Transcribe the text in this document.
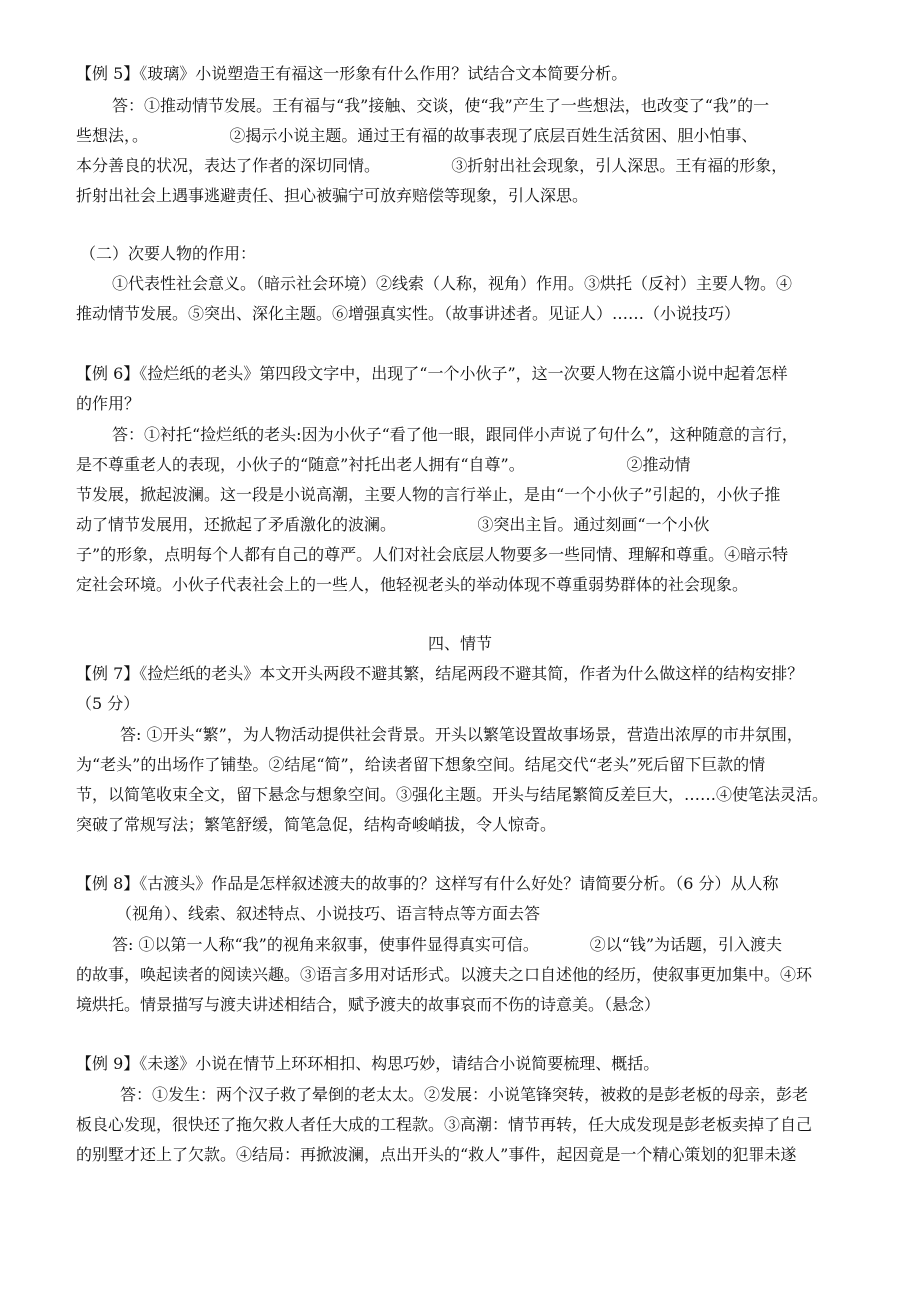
【例 5】《玻璃》小说塑造王有福这一形象有什么作用？试结合文本简要分析。
答：①推动情节发展。王有福与“我”接触、交谈，使“我”产生了一些想法，也改变了“我”的一
些想法，。                ②揭示小说主题。通过王有福的故事表现了底层百姓生活贫困、胆小怕事、
本分善良的状况，表达了作者的深切同情。              ③折射出社会现象，引人深思。王有福的形象，
折射出社会上遇事逃避责任、担心被骗宁可放弃赔偿等现象，引人深思。
（二）次要人物的作用：
①代表性社会意义。（暗示社会环境）②线索（人称，视角）作用。③烘托（反衬）主要人物。④
推动情节发展。⑤突出、深化主题。⑥增强真实性。（故事讲述者。见证人）……（小说技巧）
【例 6】《捡烂纸的老头》第四段文字中，出现了“一个小伙子”，这一次要人物在这篇小说中起着怎样
的作用？
答：①衬托“捡烂纸的老头:因为小伙子“看了他一眼，跟同伴小声说了句什么”，这种随意的言行，
是不尊重老人的表现，小伙子的“随意”衬托出老人拥有“自尊”。                    ②推动情
节发展，掀起波澜。这一段是小说高潮，主要人物的言行举止，是由“一个小伙子”引起的，小伙子推
动了情节发展用，还掀起了矛盾激化的波澜。                ③突出主旨。通过刻画“一个小伙
子”的形象，点明每个人都有自己的尊严。人们对社会底层人物要多一些同情、理解和尊重。④暗示特
定社会环境。小伙子代表社会上的一些人，他轻视老头的举动体现不尊重弱势群体的社会现象。
四、情节
【例 7】《捡烂纸的老头》本文开头两段不避其繁，结尾两段不避其简，作者为什么做这样的结构安排？
（5 分）
答: ①开头“繁”，为人物活动提供社会背景。开头以繁笔设置故事场景，营造出浓厚的市井氛围，
为“老头”的出场作了铺垫。②结尾“简”，给读者留下想象空间。结尾交代“老头”死后留下巨款的情
节，以简笔收束全文，留下悬念与想象空间。③强化主题。开头与结尾繁简反差巨大，……④使笔法灵活。
突破了常规写法；繁笔舒缓，简笔急促，结构奇峻峭拔，令人惊奇。
【例 8】《古渡头》作品是怎样叙述渡夫的故事的？这样写有什么好处？请简要分析。（6 分）从人称
（视角）、线索、叙述特点、小说技巧、语言特点等方面去答
答: ①以第一人称“我”的视角来叙事，使事件显得真实可信。          ②以“钱”为话题，引入渡夫
的故事，唤起读者的阅读兴趣。③语言多用对话形式。以渡夫之口自述他的经历，使叙事更加集中。④环
境烘托。情景描写与渡夫讲述相结合，赋予渡夫的故事哀而不伤的诗意美。（悬念）
【例 9】《未遂》小说在情节上环环相扣、构思巧妙，请结合小说简要梳理、概括。
答：①发生：两个汉子救了晕倒的老太太。②发展：小说笔锋突转，被救的是彭老板的母亲，彭老
板良心发现，很快还了拖欠救人者任大成的工程款。③高潮：情节再转，任大成发现是彭老板卖掉了自己
的别墅才还上了欠款。④结局：再掀波澜，点出开头的“救人”事件，起因竟是一个精心策划的犯罪未遂
